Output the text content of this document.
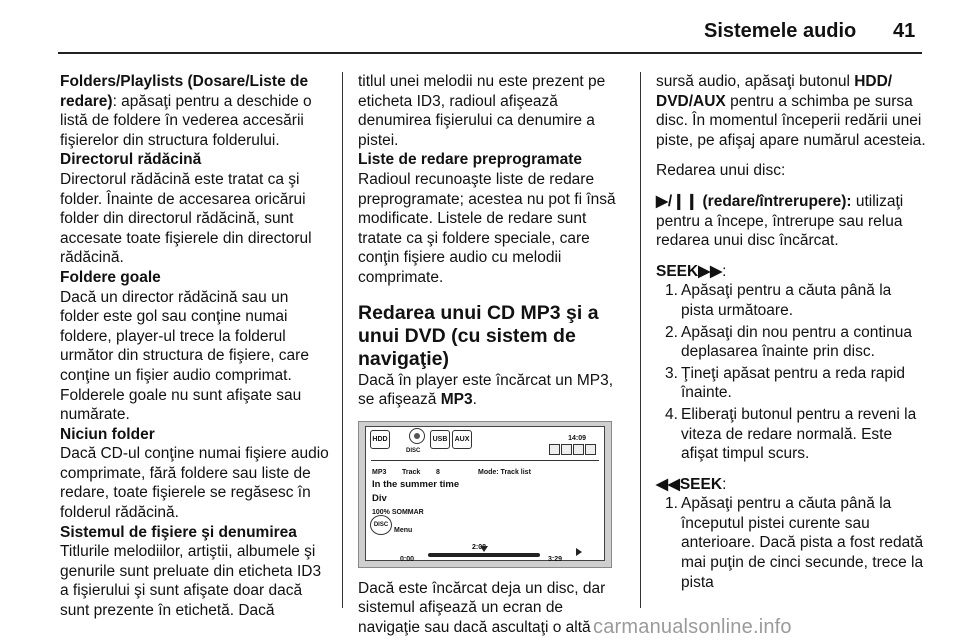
Sistemele audio 41

Folders/Playlists (Dosare/Liste de redare): apăsaţi pentru a deschide o listă de foldere în vederea accesării fişierelor din structura folderului.

Directorul rădăcină

Directorul rădăcină este tratat ca şi folder. Înainte de accesarea oricărui folder din directorul rădăcină, sunt accesate toate fişierele din directorul rădăcină.

Foldere goale

Dacă un director rădăcină sau un folder este gol sau conţine numai foldere, player-ul trece la folderul următor din structura de fişiere, care conţine un fişier audio comprimat. Folderele goale nu sunt afişate sau numărate.

Niciun folder

Dacă CD-ul conţine numai fişiere audio comprimate, fără foldere sau liste de redare, toate fişierele se regăsesc în folderul rădăcină.

Sistemul de fişiere şi denumirea

Titlurile melodiilor, artiştii, albumele şi genurile sunt preluate din eticheta ID3 a fişierului şi sunt afişate doar dacă sunt prezente în etichetă. Dacă

titlul unei melodii nu este prezent pe eticheta ID3, radioul afişează denumirea fişierului ca denumire a pistei.

Liste de redare preprogramate

Radioul recunoaşte liste de redare preprogramate; acestea nu pot fi însă modificate. Listele de redare sunt tratate ca şi foldere speciale, care conţin fişiere audio cu melodii comprimate.

Redarea unui CD MP3 şi a unui DVD (cu sistem de navigaţie)

Dacă în player este încărcat un MP3, se afişează MP3.

HDD
DISC
USB	AUX	14:09
MP3 Track 8	Mode: Track list
In the summer time
Div
100% SOMMAR
DISC
Menu
2:08
0:00	3:29

Dacă este încărcat deja un disc, dar sistemul afişează un ecran de navigaţie sau dacă ascultaţi o altă

sursă audio, apăsaţi butonul HDD/ DVD/AUX pentru a schimba pe sursa disc. În momentul începerii redării unei piste, pe afişaj apare numărul acesteia.

Redarea unui disc:

▶/❙❙ (redare/întrerupere): utilizaţi pentru a începe, întrerupe sau relua redarea unui disc încărcat.

SEEK▶▶:

1. Apăsaţi pentru a căuta până la pista următoare.
2. Apăsaţi din nou pentru a continua deplasarea înainte prin disc.
3. Ţineţi apăsat pentru a reda rapid înainte.
4. Eliberaţi butonul pentru a reveni la viteza de redare normală. Este afişat timpul scurs.

◀◀SEEK:

1. Apăsaţi pentru a căuta până la începutul pistei curente sau anterioare. Dacă pista a fost redată mai puţin de cinci secunde, trece la pista
carmanualsonline.info
